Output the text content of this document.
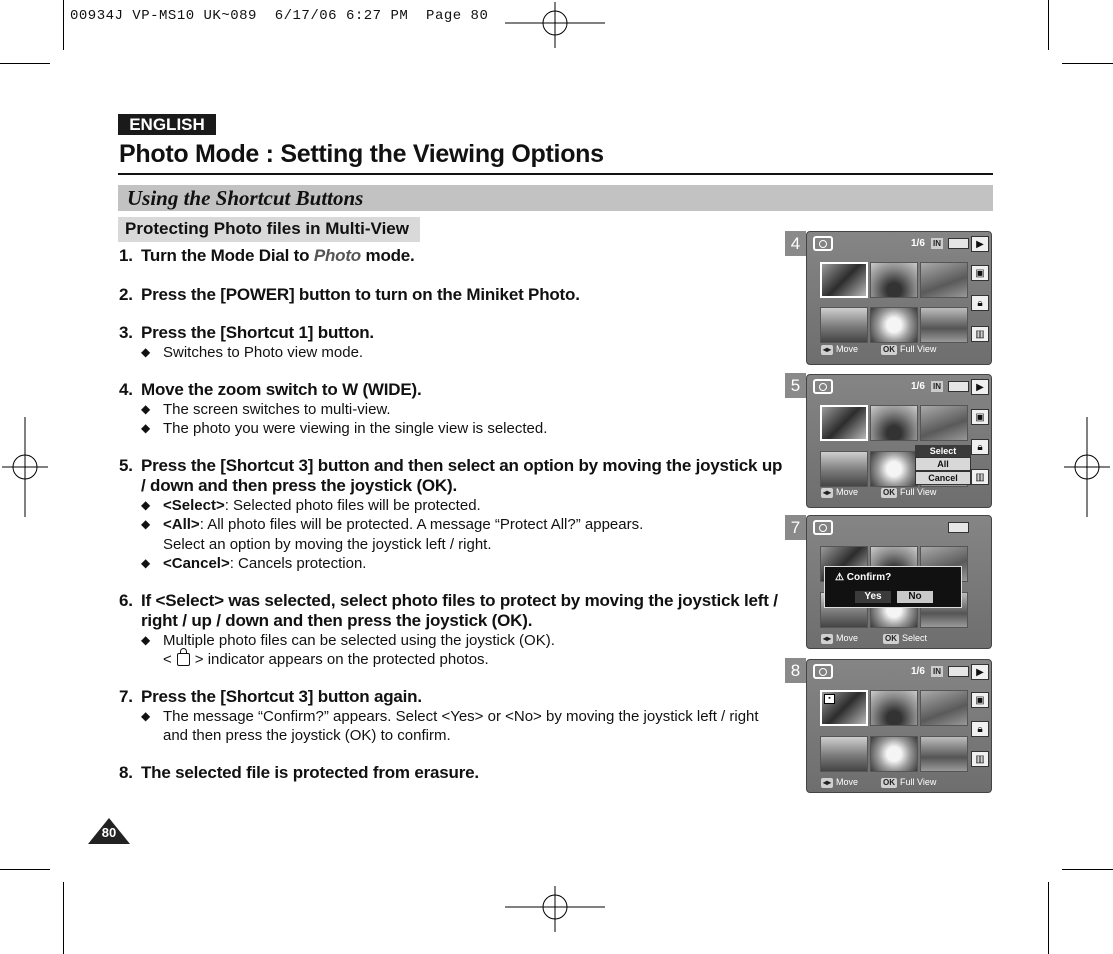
00934J VP-MS10 UK~089  6/17/06 6:27 PM  Page 80
ENGLISH
Photo Mode : Setting the Viewing Options
Using the Shortcut Buttons
Protecting Photo files in Multi-View
1. Turn the Mode Dial to Photo mode.
2. Press the [POWER] button to turn on the Miniket Photo.
3. Press the [Shortcut 1] button.
◆ Switches to Photo view mode.
4. Move the zoom switch to W (WIDE).
◆ The screen switches to multi-view.
◆ The photo you were viewing in the single view is selected.
5. Press the [Shortcut 3] button and then select an option by moving the joystick up / down and then press the joystick (OK).
◆ <Select>: Selected photo files will be protected.
◆ <All>: All photo files will be protected. A message “Protect All?” appears.
Select an option by moving the joystick left / right.
◆ <Cancel>: Cancels protection.
6. If <Select> was selected, select photo files to protect by moving the joystick left / right / up / down and then press the joystick (OK).
◆ Multiple photo files can be selected using the joystick (OK).
< > indicator appears on the protected photos.
7. Press the [Shortcut 3] button again.
◆ The message “Confirm?” appears. Select <Yes> or <No> by moving the joystick left / right
and then press the joystick (OK) to confirm.
8. The selected file is protected from erasure.
80
4	1/6 IN	▶
▣
🔒︎
▥
◂▸ Move	OK Full View
5	1/6 IN	▶
▣
🔒︎
▥
Select
All
Cancel
◂▸ Move	OK Full View
7
⚠ Confirm?
Yes	No
◂▸ Move	OK Select
8	1/6 IN	▶
▣
🔒︎
▥
▪
◂▸ Move	OK Full View
